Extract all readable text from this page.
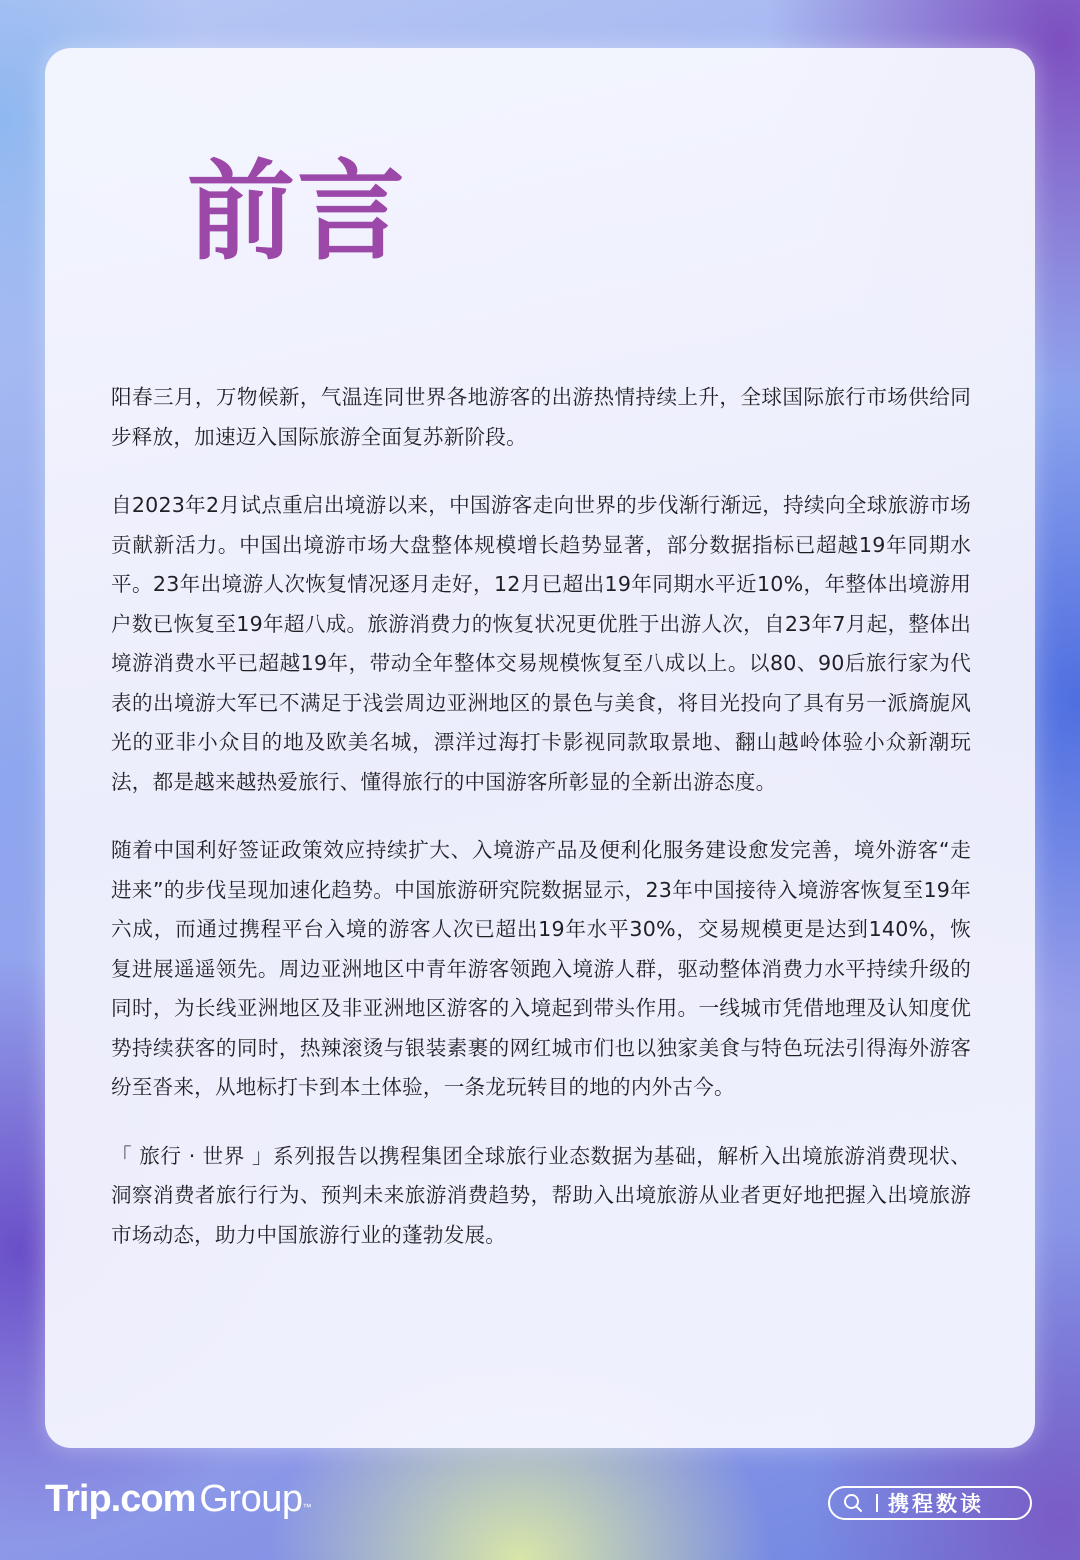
前言

阳春三月，万物候新，气温连同世界各地游客的出游热情持续上升，全球国际旅行市场供给同步释放，加速迈入国际旅游全面复苏新阶段。

自2023年2月试点重启出境游以来，中国游客走向世界的步伐渐行渐远，持续向全球旅游市场贡献新活力。中国出境游市场大盘整体规模增长趋势显著，部分数据指标已超越19年同期水平。23年出境游人次恢复情况逐月走好，12月已超出19年同期水平近10%，年整体出境游用户数已恢复至19年超八成。旅游消费力的恢复状况更优胜于出游人次，自23年7月起，整体出境游消费水平已超越19年，带动全年整体交易规模恢复至八成以上。以80、90后旅行家为代表的出境游大军已不满足于浅尝周边亚洲地区的景色与美食，将目光投向了具有另一派旖旎风光的亚非小众目的地及欧美名城，漂洋过海打卡影视同款取景地、翻山越岭体验小众新潮玩法，都是越来越热爱旅行、懂得旅行的中国游客所彰显的全新出游态度。

随着中国利好签证政策效应持续扩大、入境游产品及便利化服务建设愈发完善，境外游客“走进来”的步伐呈现加速化趋势。中国旅游研究院数据显示，23年中国接待入境游客恢复至19年六成，而通过携程平台入境的游客人次已超出19年水平30%，交易规模更是达到140%，恢复进展遥遥领先。周边亚洲地区中青年游客领跑入境游人群，驱动整体消费力水平持续升级的同时，为长线亚洲地区及非亚洲地区游客的入境起到带头作用。一线城市凭借地理及认知度优势持续获客的同时，热辣滚烫与银装素裹的网红城市们也以独家美食与特色玩法引得海外游客纷至沓来，从地标打卡到本土体验，一条龙玩转目的地的内外古今。

「 旅行 · 世界 」系列报告以携程集团全球旅行业态数据为基础，解析入出境旅游消费现状、洞察消费者旅行行为、预判未来旅游消费趋势，帮助入出境旅游从业者更好地把握入出境旅游市场动态，助力中国旅游行业的蓬勃发展。

Trip.com Group™	携程数读
